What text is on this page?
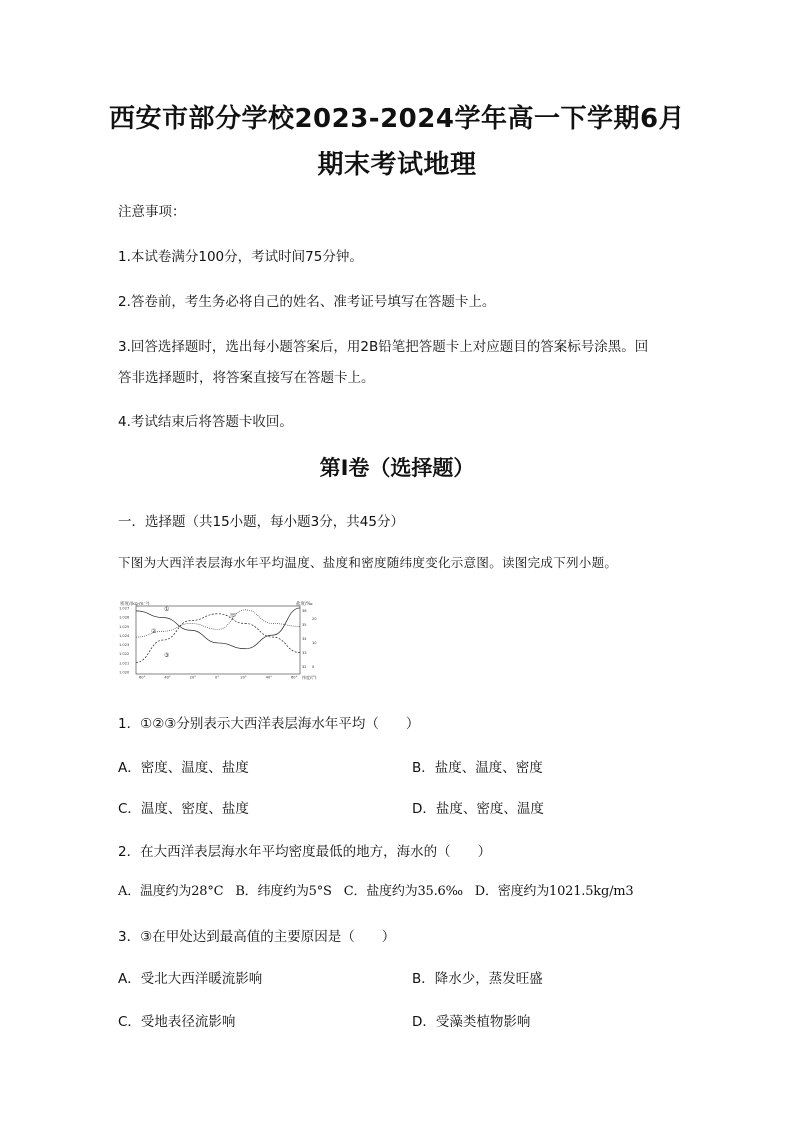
西安市部分学校2023-2024学年高一下学期6月
期末考试地理
注意事项：
1.本试卷满分100分，考试时间75分钟。
2.答卷前，考生务必将自己的姓名、准考证号填写在答题卡上。
3.回答选择题时，选出每小题答案后，用2B铅笔把答题卡上对应题目的答案标号涂黑。回
答非选择题时，将答案直接写在答题卡上。
4.考试结束后将答题卡收回。
第Ⅰ卷（选择题）
一．选择题（共15小题，每小题3分，共45分）
下图为大西洋表层海水年平均温度、盐度和密度随纬度变化示意图。读图完成下列小题。
密度/(kg·m⁻³)	盐度/‰
纬度/(°)
1.027
1.026
1.025
1.024
1.023
1.022
1.021
1.020
36
35
34
33
32
20
10
0
60°	40°	20°	0°	20°	40°	60°
①
②
③
甲
1．①②③分别表示大西洋表层海水年平均（　　）
A．密度、温度、盐度	B．盐度、温度、密度
C．温度、密度、盐度	D．盐度、密度、温度
2．在大西洋表层海水年平均密度最低的地方，海水的（　　）
A．温度约为28°C B．纬度约为5°S C．盐度约为35.6‰ D．密度约为1021.5kg/m3
3．③在甲处达到最高值的主要原因是（　　）
A．受北大西洋暖流影响	B．降水少，蒸发旺盛
C．受地表径流影响	D．受藻类植物影响
